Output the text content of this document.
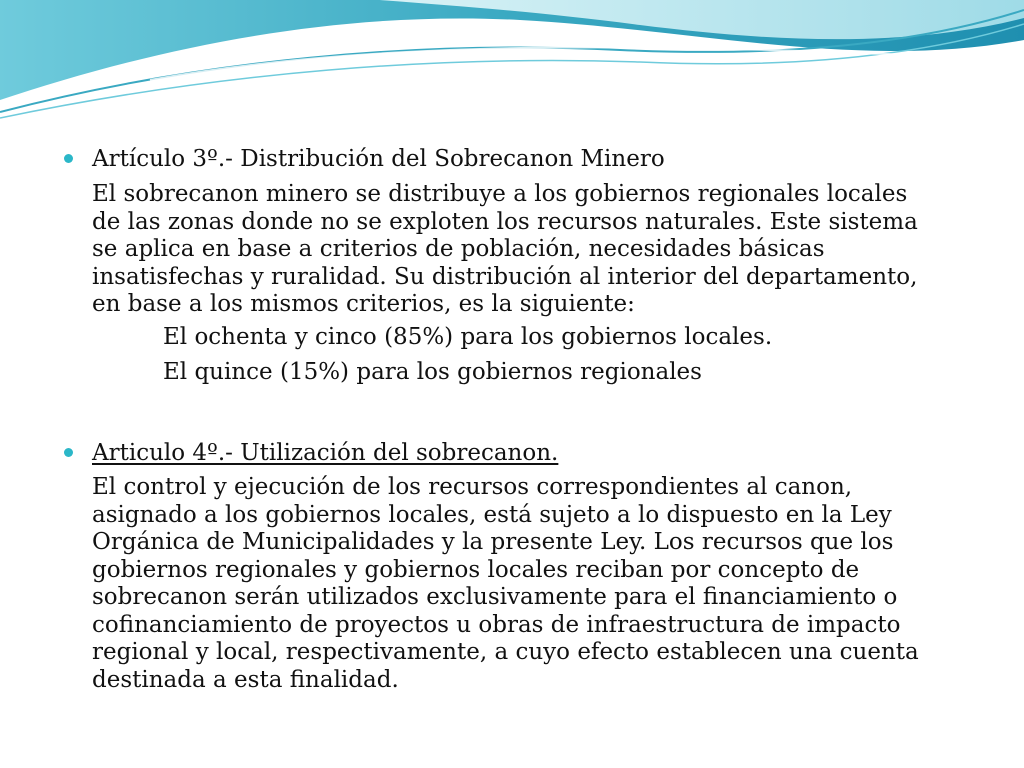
Artículo 3º.- Distribución del Sobrecanon Minero
El sobrecanon minero se distribuye a los gobiernos regionales locales
de las zonas donde no se exploten los recursos naturales. Este sistema
se aplica en base a criterios de población, necesidades básicas
insatisfechas y ruralidad. Su distribución al interior del departamento,
en base a los mismos criterios, es la siguiente:
El ochenta y cinco (85%) para los gobiernos locales.
El quince (15%) para los gobiernos regionales
Articulo 4º.- Utilización del sobrecanon.
El control y ejecución de los recursos correspondientes al canon,
asignado a los gobiernos locales, está sujeto a lo dispuesto en la Ley
Orgánica de Municipalidades y la presente Ley. Los recursos que los
gobiernos regionales y gobiernos locales reciban por concepto de
sobrecanon serán utilizados exclusivamente para el financiamiento o
cofinanciamiento de proyectos u obras de infraestructura de impacto
regional y local, respectivamente, a cuyo efecto establecen una cuenta
destinada a esta finalidad.
